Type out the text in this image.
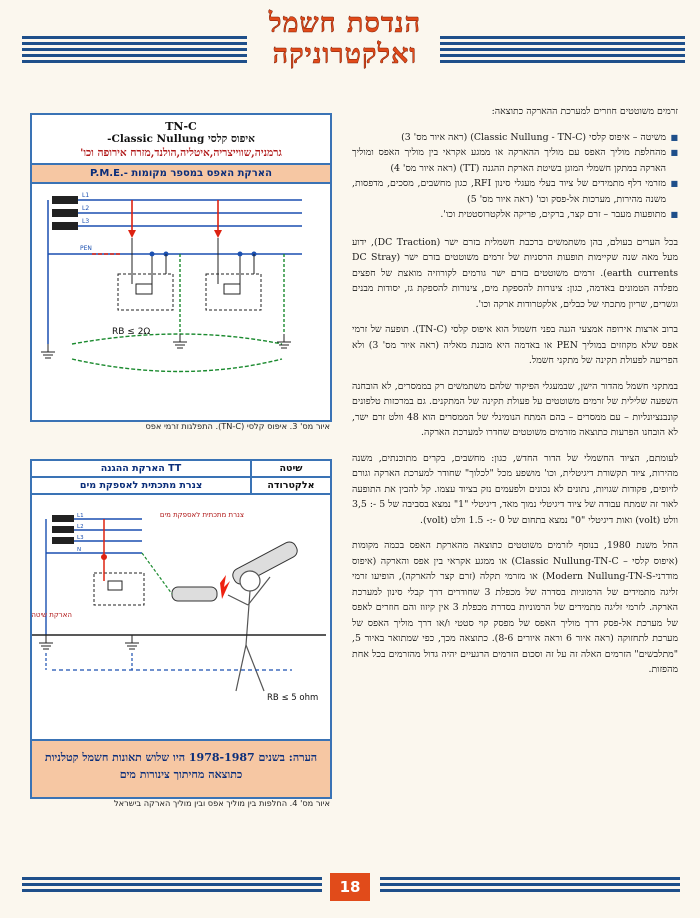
הנדסת חשמל
ואלקטרוניקה
TN-C
איפוס קלסי Classic Nullung-
גרמניה,שווייצריה,איטליה,הולנד,מזרח אירופה וכו'
הארקת האפס במספר מקומות -.P.M.E
L1
L2
L3
PEN
RB ≤ 2Ω
איור מס' 3. איפוס קלסי (TN-C). התפלגות זרמי אפס
שיטה	TT הארקת ההגנה
אלקטרודה	צנרת מתכתית לאספקת מים
L1
L2
L3
N
צנרת מתכתית לאספקת מים
הארקת שיטה
RB ≤ 5 ohm
הערה: בשנים 1978-1987 היו שלוש תאונות חשמל קטלניות כתוצאה מחיתוך צינורות מים
איור מס' 4. החלפות בין מוליך אפס ובין מוליך הארקה בישראל

זרמים משוטטים חוזרים למערכת ההארקה כתוצאה:

■ משיטה – איפוס קלסי (Classic Nullung - TN-C) (ראה איור מס' 3)
■ מהחלפת מוליך האפס עם מוליך ההארקה או ממגע אקראי בין מוליך האפס ומוליך הארקה במתקן חשמלי המוגן בשיטת הארקת ההגנה (TT) (ראה איור מס' 4)
■ מזרמי דלף מתמידים של ציוד בעלי מעגלי סינון RFI, כגון מחשבים, מסכים, מדפסות, משנה מהירות, מערכות אל-פסק וכו' (ראה איור מס' 5)
■ מתופעות מעבר – זרם קצר, ברקים, פריקה אלקטרוסטטית וכו'.

בכל הערים בעולם, בהן משתמשים ברכבת חשמלית בזרם ישר (DC Traction), ידוע מעל מאה שנה שקיימות תופעות הרסניות של זרמים משוטטים בזרם ישר (DC Stray earth currents). זרמים משוטטים בזרם ישר גורמים לקורוזיה מואצת של חפצים מפלדה הטמונים באדמה, כגון: צינורות להספקת מים, צינורות להספקת גז, יסודות מבנים וגשרים, שריון מתכתי של כבלים, אלקטרודות ארקה וכו'.

ברוב ארצות אירופה אמצעי הגנה בפני חשמול הוא איפוס קלסי (TN-C). תופעה של זרמי אפס שלא מקוזזים במוליך PEN או באדמה היא מובנת מאליה (ראה איור מס' 3) ולא הפריעה לפעולת תקינה של מתקני חשמל.

במתקני חשמל מהדור הישן, שבמעגלי הפיקוד שלהם משתמשים רק בממסרים, לא הובחנה השפעה שלילית של זרמים משוטטים על פעולת תקינה של המתקנים. גם במרכזות טלפונים קונבנציונליות – עם ממסרים – בהם המתח הנומינלי של הממסרים הוא 48 וולט זרם ישר, לא הובחנו הפרעות כתוצאה מזרמים משוטטים שחדרו למערכת הארקה.

לעומתם, הציוד החשמלי של הדור החדש, כגון: מחשבים, בקרים מתוכנתים, משנה מהירות, ציוד תקשורת דיגיטלית, וכו' מושפע מכל "לכלוך" שחודר למערכת הארקה וגורם לזיופים, פקודות שגויות, נתונים לא נכונים ולפעמים נזק בציוד עצמו. קל להבין את התופעה לאור זה שמתח עבודה של ציוד דיגיטלי נמוך מאד, דיגיטלי "1" נמצא בסביבה של 5 -: 3,5 וולט (volt) ואות דיגיטלי "0" נמצא בתחום של 0 -:- 1.5 וולט (volt).

החל משנת 1980, בנוסף לזרמים משוטטים כתוצאה מהארקת האפס בכמה מקומות (איפוס קלסי – Classic Nullung-TN-C) או ממגע אקראי בין אפס והארקה (איפוס מודרני-Modern Nullung-TN-S) או מזרמי תקלה (זרם קצר להארקה), הופיעו זרמי זליגה מתמידים של הרמוניות בסדרה של מכפלת 3 שחודרים דרך קבלי סינון למערכת הארקה. לזרמי זליגה מתמידים של הרמוניות בסדרת מכפלת 3 אין קיזוז והם חוזרים לאפס של מערכת אל-פסק דרך מוליך האפס של מפסק קוי סטטי ו/או דרך מוליך האפס של מערכת לתחזוקה (ראה איור 6 וראה איורים 8-6). כתוצאה מכך, כפי שמתואר באיור 5, "מתלבשים" הזרמים האלה זה על זה וסכום הזרמים הרגעיים יהיה גדול מהזרמים בכל אחת מהפזות.

18
